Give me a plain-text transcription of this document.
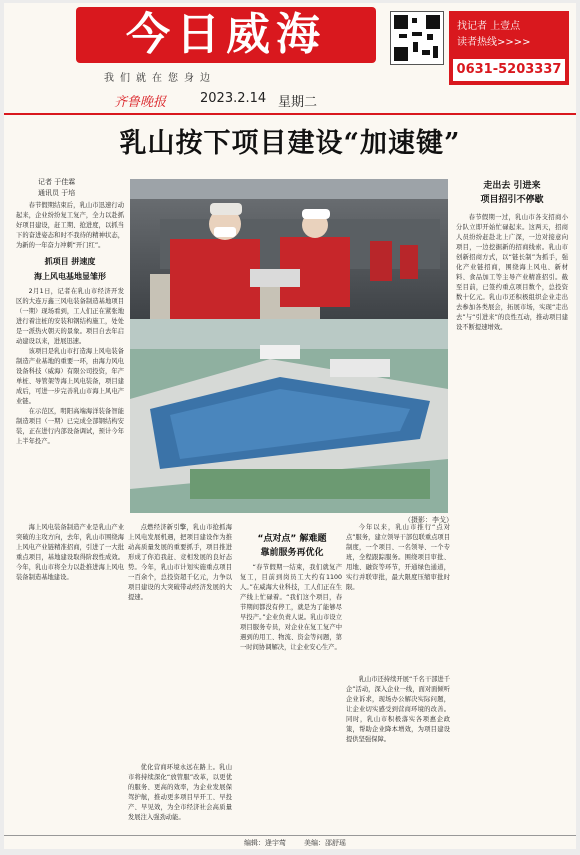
今日威海
我们就在您身边
找记者 上壹点
读者热线>>>>
0631-5203337
齐鲁晚报	2023.2.14 星期二
乳山按下项目建设“加速键”
记者 于佳霖
通讯员 于培

春节假期结束后，乳山市迅速行动起来，企业纷纷复工复产，全力以赴抓好项目建设，赶工期、抢进度，以抓当下的奋进姿态和时不我待的精神状态，为新的一年奋力冲刺“开门红”。

抓项目 拼速度
海上风电基地显雏形

2月1日，记者在乳山市经济开发区的大连万鑫三风电装备制造基地项目（一期）现场看到，工人们正在紧张地进行着注桩的安装和钢结构施工，处处是一派热火朝天的景象。项目自去年启动建设以来，进展迅速。

该项目是乳山市打造海上风电装备制造产业基地的重要一环，由海力风电设备科技（威海）有限公司投资，年产单桩、导管架等海上风电装备，项目建成后，可进一步完善乳山市海上风电产业链。

在示范区，明阳高端海洋装备智能制造项目（一期）已完成全部钢结构安装，正在进行内部设备调试，预计今年上半年投产。

海上风电装备制造产业是乳山产业突破的主攻方向，去年，乳山市围绕海上风电产业链精准招商，引进了一大批重点项目，基地建设取得阶段性成效。今年，乳山市将全力以赴推进海上风电装备制造基地建设。

（摄影：李戈）
走出去 引进来
项目招引不停歇

春节假期一过，乳山市各支招商小分队立即开始忙碌起来。这两天，招商人员纷纷赶赴北上广深，一边对接意向项目，一边挖掘新的招商线索。乳山市创新招商方式，以“链长制”为抓手，强化产业链招商，围绕海上风电、新材料、食品加工等主导产业精准招引。截至目前，已签约重点项目数个，总投资数十亿元。乳山市还积极组织企业走出去参加各类展会，拓展市场，实现“走出去”与“引进来”的良性互动，推动项目建设不断提速增效。

点燃经济新引擎，乳山市抢抓海上风电发展机遇，把项目建设作为推动高质量发展的重要抓手，项目推进形成了你追我赶、竞相发展的良好态势。今年，乳山市计划实施重点项目一百余个，总投资超千亿元，力争以项目建设的大突破带动经济发展的大提速。

“点对点” 解难题
靠前服务再优化

“春节假期一结束，我们就复产复工，目前到岗员工大约有1100人。”在威海大业科技，工人们正在生产线上忙碌着。“我们这个项目，春节期间都没有停工，就是为了能够尽早投产。”企业负责人说。乳山市设立项目服务专员，对企业在复工复产中遇到的用工、物流、资金等问题，第一时间协调解决，让企业安心生产。

今年以来，乳山市推行“点对点”服务，建立领导干部包联重点项目制度，一个项目、一名领导、一个专班，全程跟踪服务。围绕项目审批、用地、融资等环节，开通绿色通道，实行并联审批，最大限度压缩审批时限。

乳山市还持续开展“千名干部进千企”活动，深入企业一线，面对面倾听企业诉求，现场办公解决实际问题，让企业切实感受到营商环境的改善。同时，乳山市积极落实各项惠企政策，帮助企业降本增效，为项目建设提供坚强保障。

优化营商环境永远在路上。乳山市将持续深化“放管服”改革，以更优的服务、更高的效率，为企业发展保驾护航，推动更多项目早开工、早投产、早见效，为全市经济社会高质量发展注入强劲动能。

编辑：逄宇莺	美编：邵舒瑶
